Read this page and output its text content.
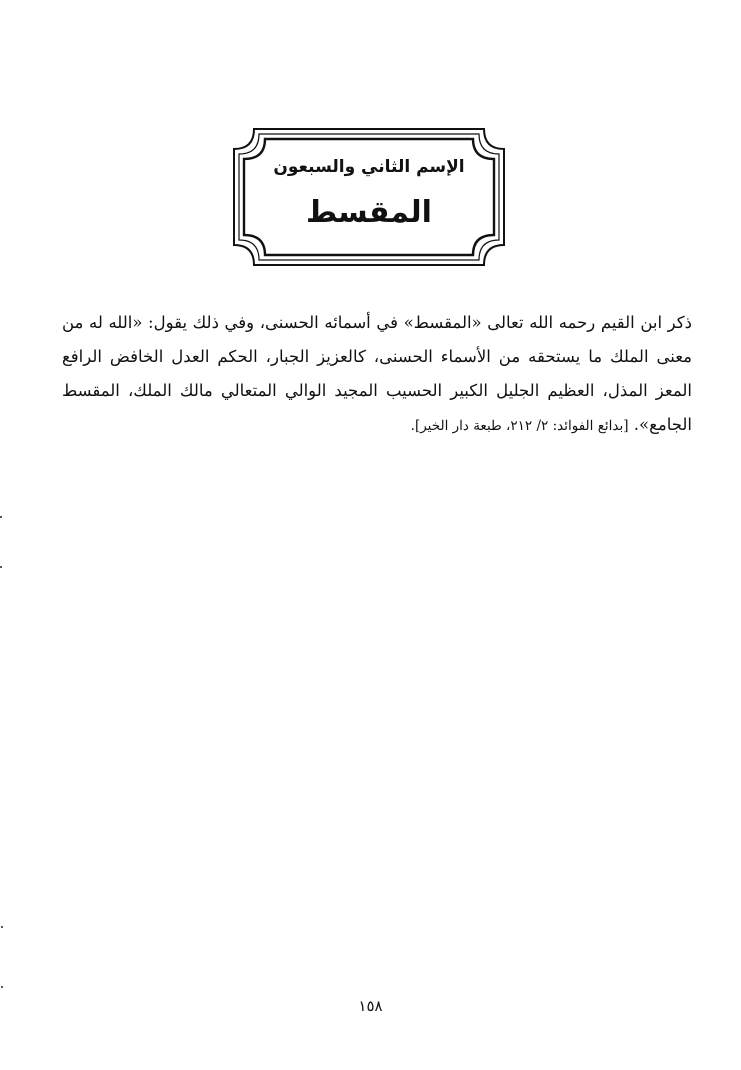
الإسم الثاني والسبعون
المقسط

ذكر ابن القيم رحمه الله تعالى «المقسط» في أسمائه الحسنى، وفي ذلك يقول: «الله له من معنى الملك ما يستحقه من الأسماء الحسنى، كالعزيز الجبار، الحكم العدل الخافض الرافع المعز المذل، العظيم الجليل الكبير الحسيب المجيد الوالي المتعالي مالك الملك، المقسط الجامع». [بدائع الفوائد: ٢/ ٢١٢، طبعة دار الخير].

١٥٨
